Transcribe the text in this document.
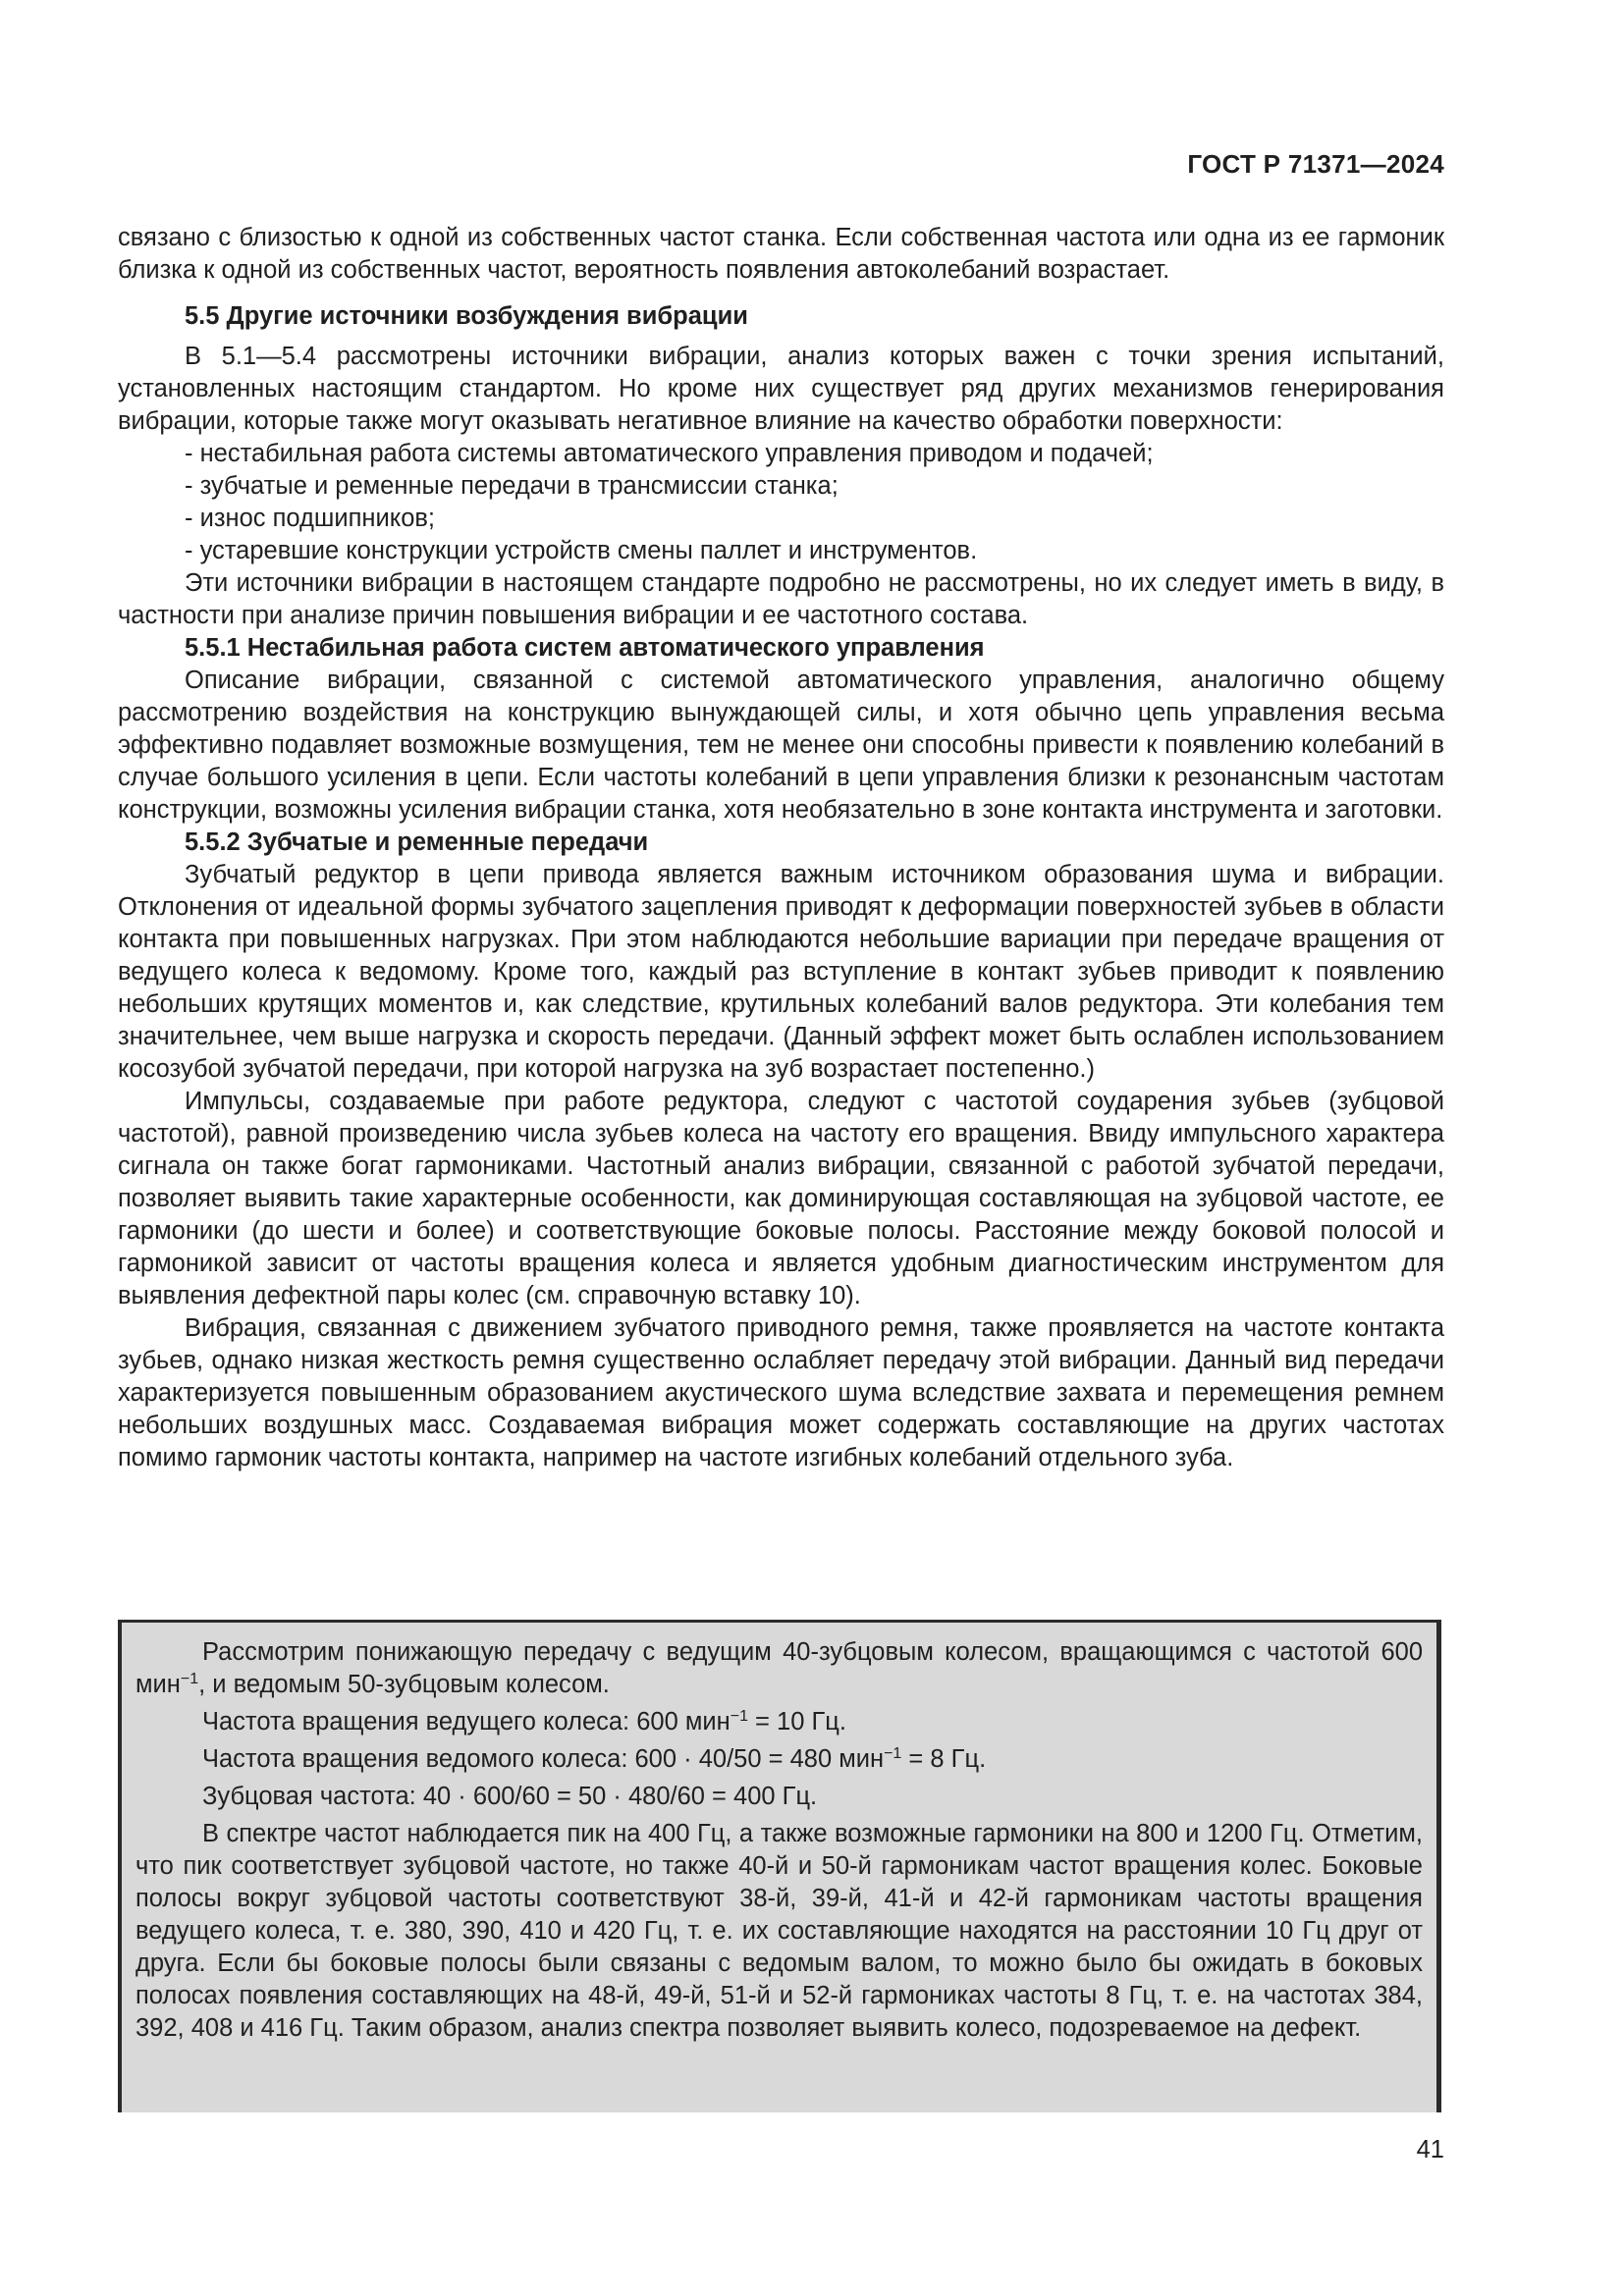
ГОСТ Р 71371—2024

связано с близостью к одной из собственных частот станка. Если собственная частота или одна из ее гармоник близка к одной из собственных частот, вероятность появления автоколебаний возрастает.

5.5 Другие источники возбуждения вибрации

В 5.1—5.4 рассмотрены источники вибрации, анализ которых важен с точки зрения испытаний, установленных настоящим стандартом. Но кроме них существует ряд других механизмов генерирования вибрации, которые также могут оказывать негативное влияние на качество обработки поверхности:

- нестабильная работа системы автоматического управления приводом и подачей;

- зубчатые и ременные передачи в трансмиссии станка;

- износ подшипников;

- устаревшие конструкции устройств смены паллет и инструментов.

Эти источники вибрации в настоящем стандарте подробно не рассмотрены, но их следует иметь в виду, в частности при анализе причин повышения вибрации и ее частотного состава.

5.5.1 Нестабильная работа систем автоматического управления

Описание вибрации, связанной с системой автоматического управления, аналогично общему рассмотрению воздействия на конструкцию вынуждающей силы, и хотя обычно цепь управления весьма эффективно подавляет возможные возмущения, тем не менее они способны привести к появлению колебаний в случае большого усиления в цепи. Если частоты колебаний в цепи управления близки к резонансным частотам конструкции, возможны усиления вибрации станка, хотя необязательно в зоне контакта инструмента и заготовки.

5.5.2 Зубчатые и ременные передачи

Зубчатый редуктор в цепи привода является важным источником образования шума и вибрации. Отклонения от идеальной формы зубчатого зацепления приводят к деформации поверхностей зубьев в области контакта при повышенных нагрузках. При этом наблюдаются небольшие вариации при передаче вращения от ведущего колеса к ведомому. Кроме того, каждый раз вступление в контакт зубьев приводит к появлению небольших крутящих моментов и, как следствие, крутильных колебаний валов редуктора. Эти колебания тем значительнее, чем выше нагрузка и скорость передачи. (Данный эффект может быть ослаблен использованием косозубой зубчатой передачи, при которой нагрузка на зуб возрастает постепенно.)

Импульсы, создаваемые при работе редуктора, следуют с частотой соударения зубьев (зубцовой частотой), равной произведению числа зубьев колеса на частоту его вращения. Ввиду импульсного характера сигнала он также богат гармониками. Частотный анализ вибрации, связанной с работой зубчатой передачи, позволяет выявить такие характерные особенности, как доминирующая составляющая на зубцовой частоте, ее гармоники (до шести и более) и соответствующие боковые полосы. Расстояние между боковой полосой и гармоникой зависит от частоты вращения колеса и является удобным диагностическим инструментом для выявления дефектной пары колес (см. справочную вставку 10).

Вибрация, связанная с движением зубчатого приводного ремня, также проявляется на частоте контакта зубьев, однако низкая жесткость ремня существенно ослабляет передачу этой вибрации. Данный вид передачи характеризуется повышенным образованием акустического шума вследствие захвата и перемещения ремнем небольших воздушных масс. Создаваемая вибрация может содержать составляющие на других частотах помимо гармоник частоты контакта, например на частоте изгибных колебаний отдельного зуба.

Рассмотрим понижающую передачу с ведущим 40-зубцовым колесом, вращающимся с частотой 600 мин$^{-1}$, и ведомым 50-зубцовым колесом.

Частота вращения ведущего колеса: 600 мин$^{-1}$ = 10 Гц.

Частота вращения ведомого колеса: 600 · 40/50 = 480 мин$^{-1}$ = 8 Гц.

Зубцовая частота: 40 · 600/60 = 50 · 480/60 = 400 Гц.

В спектре частот наблюдается пик на 400 Гц, а также возможные гармоники на 800 и 1200 Гц. Отметим, что пик соответствует зубцовой частоте, но также 40-й и 50-й гармоникам частот вращения колес. Боковые полосы вокруг зубцовой частоты соответствуют 38-й, 39-й, 41-й и 42-й гармоникам частоты вращения ведущего колеса, т. е. 380, 390, 410 и 420 Гц, т. е. их составляющие находятся на расстоянии 10 Гц друг от друга. Если бы боковые полосы были связаны с ведомым валом, то можно было бы ожидать в боковых полосах появления составляющих на 48-й, 49-й, 51-й и 52-й гармониках частоты 8 Гц, т. е. на частотах 384, 392, 408 и 416 Гц. Таким образом, анализ спектра позволяет выявить колесо, подозреваемое на дефект.

41
